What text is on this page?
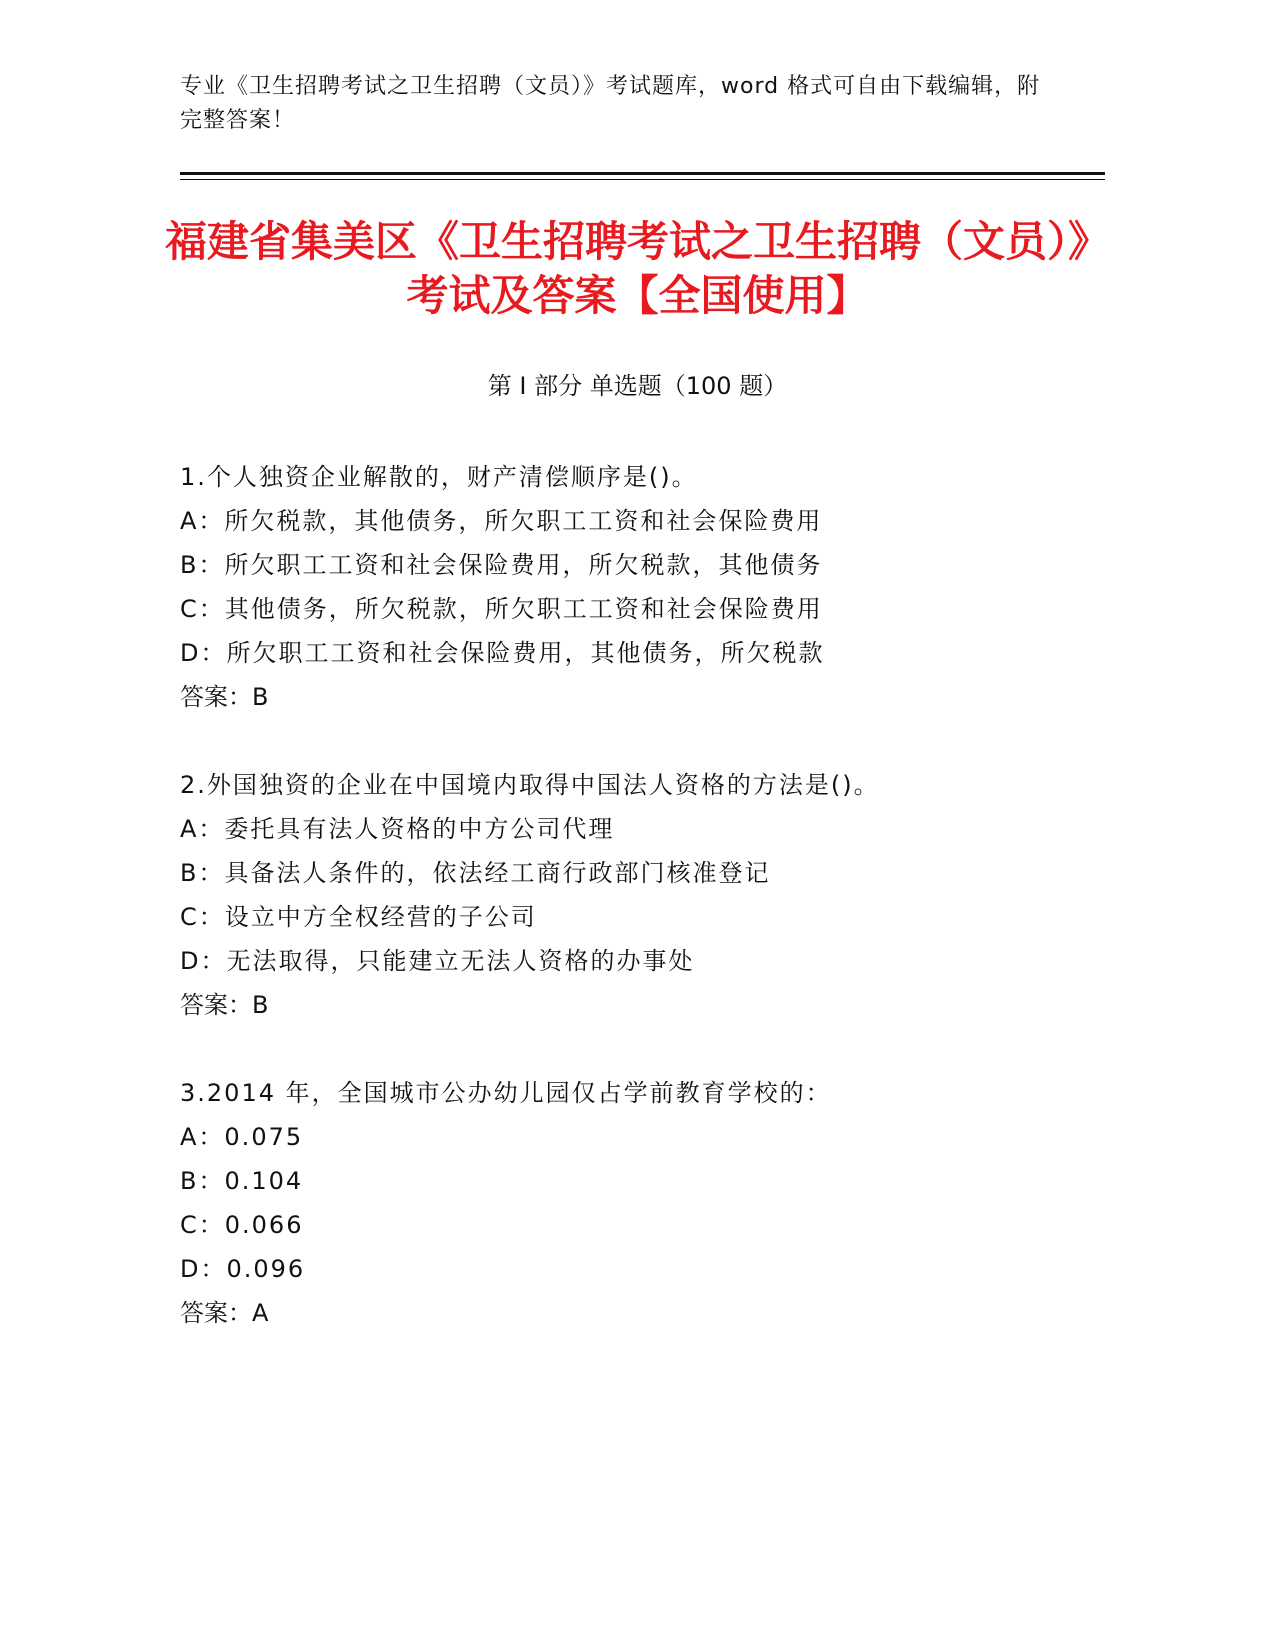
专业《卫生招聘考试之卫生招聘（文员）》考试题库，word 格式可自由下载编辑，附完整答案！
福建省集美区《卫生招聘考试之卫生招聘（文员）》考试及答案【全国使用】
第 I 部分 单选题（100 题）
1.个人独资企业解散的，财产清偿顺序是()。
A：所欠税款，其他债务，所欠职工工资和社会保险费用
B：所欠职工工资和社会保险费用，所欠税款，其他债务
C：其他债务，所欠税款，所欠职工工资和社会保险费用
D：所欠职工工资和社会保险费用，其他债务，所欠税款
答案：B
2.外国独资的企业在中国境内取得中国法人资格的方法是()。
A：委托具有法人资格的中方公司代理
B：具备法人条件的，依法经工商行政部门核准登记
C：设立中方全权经营的子公司
D：无法取得，只能建立无法人资格的办事处
答案：B
3.2014 年，全国城市公办幼儿园仅占学前教育学校的：
A：0.075
B：0.104
C：0.066
D：0.096
答案：A
